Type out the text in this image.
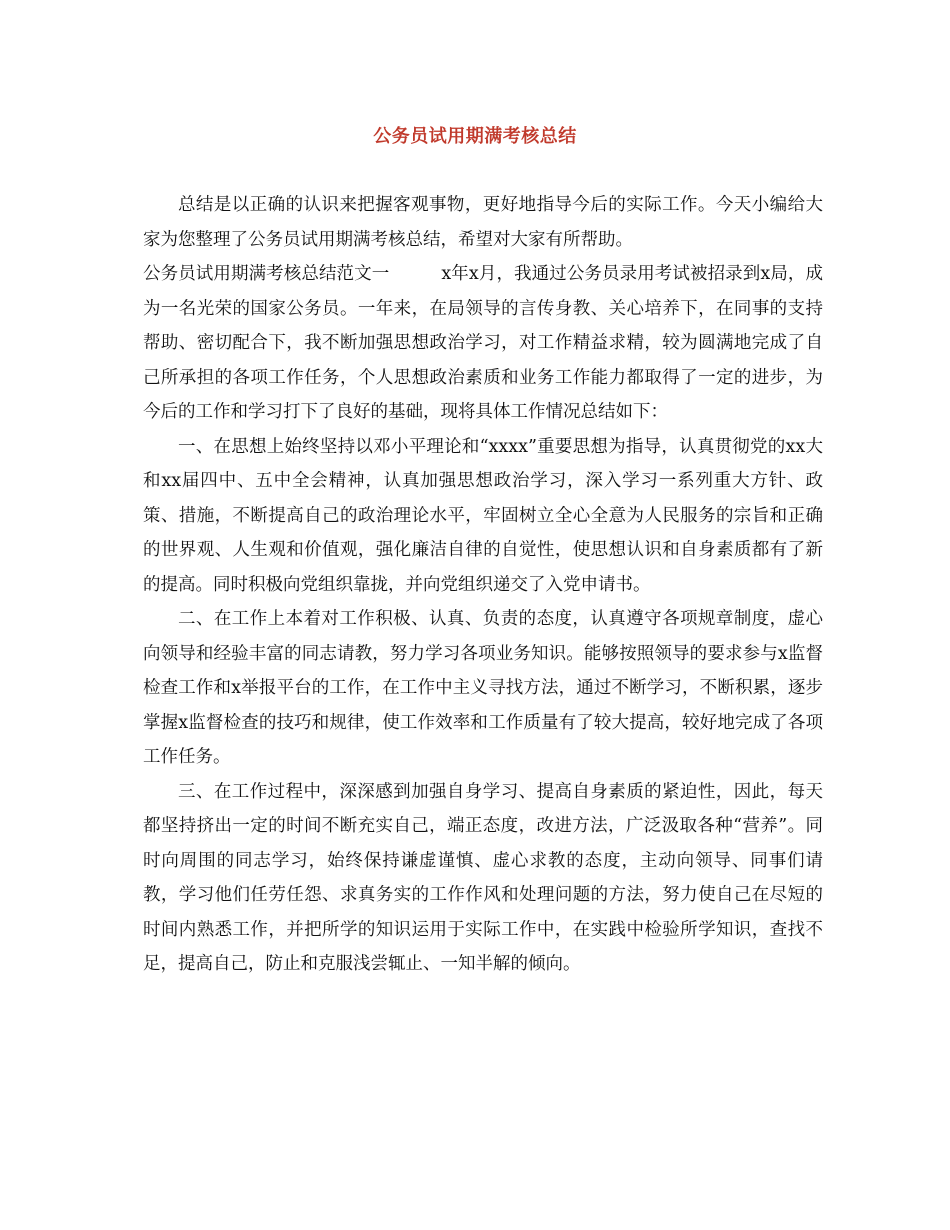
公务员试用期满考核总结

总结是以正确的认识来把握客观事物，更好地指导今后的实际工作。今天小编给大家为您整理了公务员试用期满考核总结，希望对大家有所帮助。

公务员试用期满考核总结范文一	x年x月，我通过公务员录用考试被招录到x局，成为一名光荣的国家公务员。一年来，在局领导的言传身教、关心培养下，在同事的支持帮助、密切配合下，我不断加强思想政治学习，对工作精益求精，较为圆满地完成了自己所承担的各项工作任务，个人思想政治素质和业务工作能力都取得了一定的进步，为今后的工作和学习打下了良好的基础，现将具体工作情况总结如下：

一、在思想上始终坚持以邓小平理论和“xxxx”重要思想为指导，认真贯彻党的xx大和xx届四中、五中全会精神，认真加强思想政治学习，深入学习一系列重大方针、政策、措施，不断提高自己的政治理论水平，牢固树立全心全意为人民服务的宗旨和正确的世界观、人生观和价值观，强化廉洁自律的自觉性，使思想认识和自身素质都有了新的提高。同时积极向党组织靠拢，并向党组织递交了入党申请书。

二、在工作上本着对工作积极、认真、负责的态度，认真遵守各项规章制度，虚心向领导和经验丰富的同志请教，努力学习各项业务知识。能够按照领导的要求参与x监督检查工作和x举报平台的工作，在工作中主义寻找方法，通过不断学习，不断积累，逐步掌握x监督检查的技巧和规律，使工作效率和工作质量有了较大提高，较好地完成了各项工作任务。

三、在工作过程中，深深感到加强自身学习、提高自身素质的紧迫性，因此，每天都坚持挤出一定的时间不断充实自己，端正态度，改进方法，广泛汲取各种“营养”。同时向周围的同志学习，始终保持谦虚谨慎、虚心求教的态度，主动向领导、同事们请教，学习他们任劳任怨、求真务实的工作作风和处理问题的方法，努力使自己在尽短的时间内熟悉工作，并把所学的知识运用于实际工作中，在实践中检验所学知识，查找不足，提高自己，防止和克服浅尝辄止、一知半解的倾向。
